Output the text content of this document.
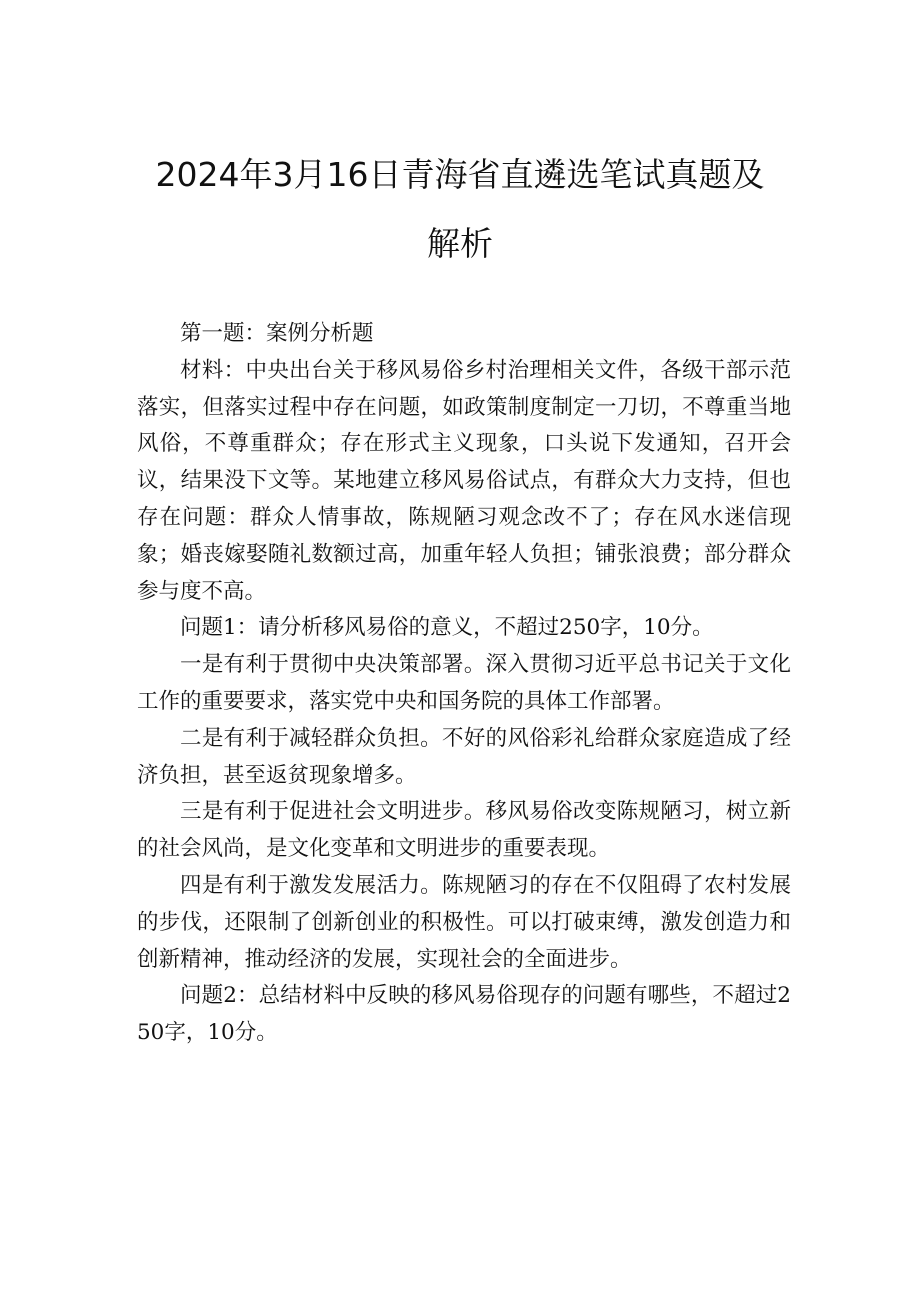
2024年3月16日青海省直遴选笔试真题及
解析

第一题：案例分析题

材料：中央出台关于移风易俗乡村治理相关文件，各级干部示范落实，但落实过程中存在问题，如政策制度制定一刀切，不尊重当地风俗，不尊重群众；存在形式主义现象，口头说下发通知，召开会议，结果没下文等。某地建立移风易俗试点，有群众大力支持，但也存在问题：群众人情事故，陈规陋习观念改不了；存在风水迷信现象；婚丧嫁娶随礼数额过高，加重年轻人负担；铺张浪费；部分群众参与度不高。

问题1：请分析移风易俗的意义，不超过250字，10分。

一是有利于贯彻中央决策部署。深入贯彻习近平总书记关于文化工作的重要要求，落实党中央和国务院的具体工作部署。

二是有利于减轻群众负担。不好的风俗彩礼给群众家庭造成了经济负担，甚至返贫现象增多。

三是有利于促进社会文明进步。移风易俗改变陈规陋习，树立新的社会风尚，是文化变革和文明进步的重要表现。

四是有利于激发发展活力。陈规陋习的存在不仅阻碍了农村发展的步伐，还限制了创新创业的积极性。可以打破束缚，激发创造力和创新精神，推动经济的发展，实现社会的全面进步。

问题2：总结材料中反映的移风易俗现存的问题有哪些，不超过250字，10分。
